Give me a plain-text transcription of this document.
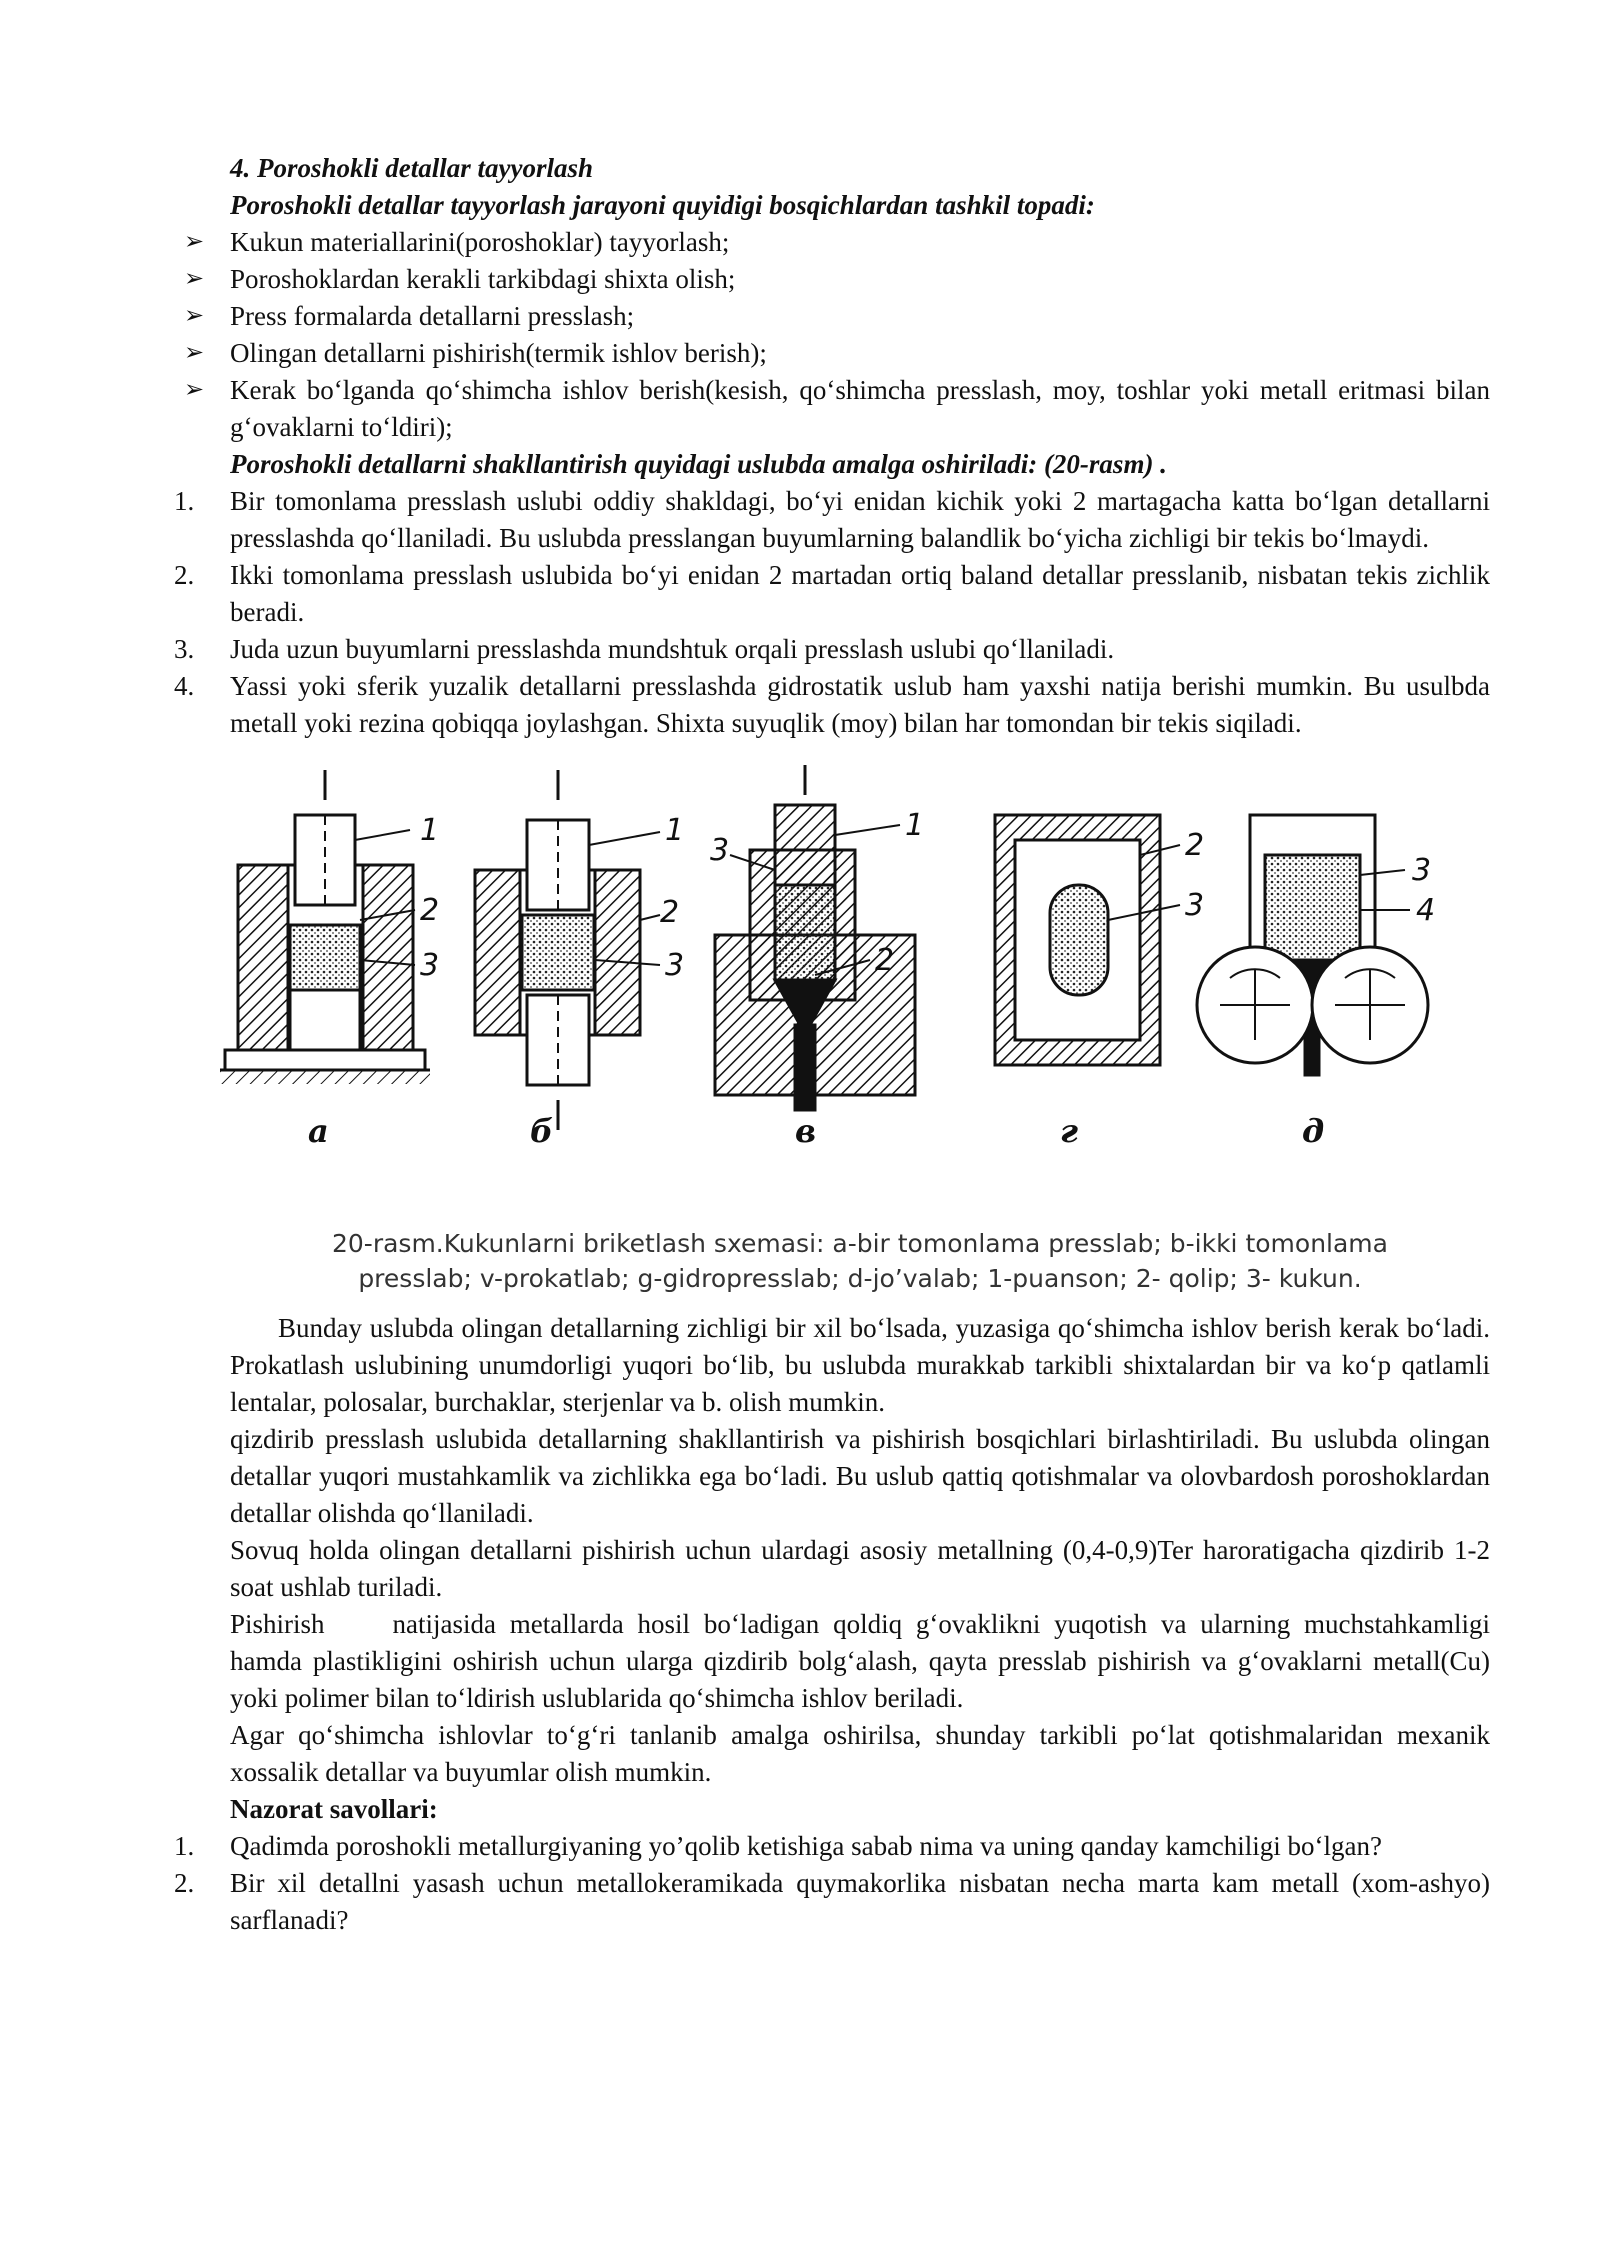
4. Poroshokli detallar tayyorlash

Poroshokli detallar tayyorlash jarayoni quyidigi bosqichlardan tashkil topadi:

➢ Kukun materiallarini(poroshoklar) tayyorlash;
➢ Poroshoklardan kerakli tarkibdagi shixta olish;
➢ Press formalarda detallarni presslash;
➢ Olingan detallarni pishirish(termik ishlov berish);
➢ Kerak bo‘lganda qo‘shimcha ishlov berish(kesish, qo‘shimcha presslash, moy, toshlar yoki metall eritmasi bilan g‘ovaklarni to‘ldiri);

Poroshokli detallarni shakllantirish quyidagi uslubda amalga oshiriladi: (20-rasm) .

1. Bir tomonlama presslash uslubi oddiy shakldagi, bo‘yi enidan kichik yoki 2 martagacha katta bo‘lgan detallarni presslashda qo‘llaniladi. Bu uslubda presslangan buyumlarning balandlik bo‘yicha zichligi bir tekis bo‘lmaydi.
2. Ikki tomonlama presslash uslubida bo‘yi enidan 2 martadan ortiq baland detallar presslanib, nisbatan tekis zichlik beradi.
3. Juda uzun buyumlarni presslashda mundshtuk orqali presslash uslubi qo‘llaniladi.
4. Yassi yoki sferik yuzalik detallarni presslashda gidrostatik uslub ham yaxshi natija berishi mumkin. Bu usulbda metall yoki rezina qobiqqa joylashgan. Shixta suyuqlik (moy) bilan har tomondan bir tekis siqiladi.
1
2
3
1
2
3
1
3
2
2
3
3
4
а	б	в	г	д
20-rasm.Kukunlarni briketlash sxemasi: a-bir tomonlama presslab; b-ikki tomonlama
presslab; v-prokatlab; g-gidropresslab; d-jo’valab; 1-puanson; 2- qolip; 3- kukun.

Bunday uslubda olingan detallarning zichligi bir xil bo‘lsada, yuzasiga qo‘shimcha ishlov berish kerak bo‘ladi. Prokatlash uslubining unumdorligi yuqori bo‘lib, bu uslubda murakkab tarkibli shixtalardan bir va ko‘p qatlamli lentalar, polosalar, burchaklar, sterjenlar va b. olish mumkin.

qizdirib presslash uslubida detallarning shakllantirish va pishirish bosqichlari birlashtiriladi. Bu uslubda olingan detallar yuqori mustahkamlik va zichlikka ega bo‘ladi. Bu uslub qattiq qotishmalar va olovbardosh poroshoklardan detallar olishda qo‘llaniladi.

Sovuq holda olingan detallarni pishirish uchun ulardagi asosiy metallning (0,4-0,9)Ter haroratigacha qizdirib 1-2 soat ushlab turiladi.

Pishirish	natijasida metallarda hosil bo‘ladigan qoldiq g‘ovaklikni yuqotish va ularning muchstahkamligi hamda plastikligini oshirish uchun ularga qizdirib bolg‘alash, qayta presslab pishirish va g‘ovaklarni metall(Cu) yoki polimer bilan to‘ldirish uslublarida qo‘shimcha ishlov beriladi.

Agar qo‘shimcha ishlovlar to‘g‘ri tanlanib amalga oshirilsa, shunday tarkibli po‘lat qotishmalaridan mexanik xossalik detallar va buyumlar olish mumkin.

Nazorat savollari:

1. Qadimda poroshokli metallurgiyaning yo’qolib ketishiga sabab nima va uning qanday kamchiligi bo‘lgan?
2. Bir xil detallni yasash uchun metallokeramikada quymakorlika nisbatan necha marta kam metall (xom-ashyo) sarflanadi?
